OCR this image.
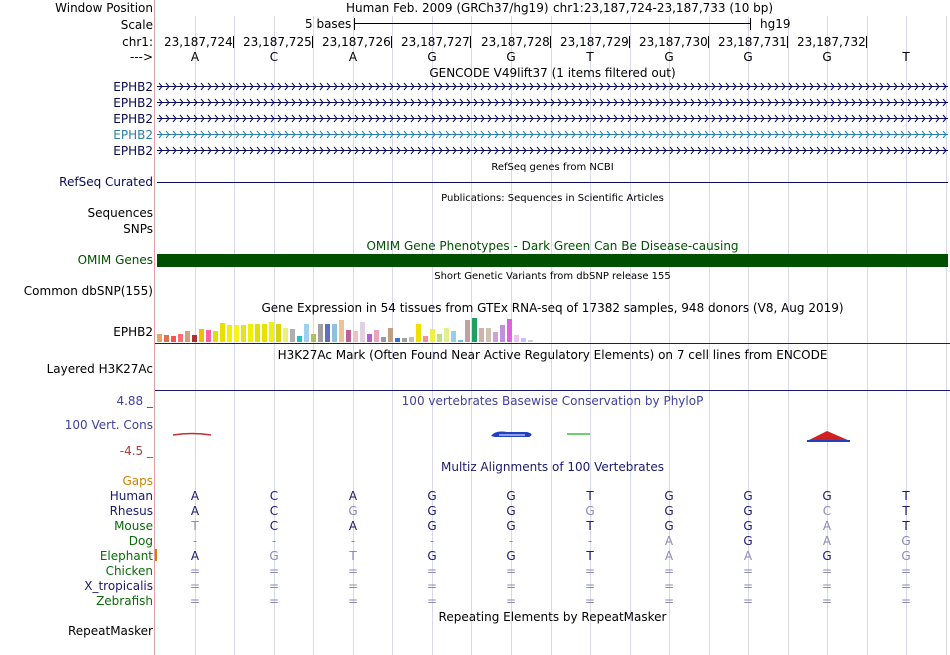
Window Position	Human Feb. 2009 (GRCh37/hg19) chr1:23,187,724-23,187,733 (10 bp)
Scale	5 bases	hg19
chr1: 23,187,724 23,187,725 23,187,726 23,187,727 23,187,728 23,187,729 23,187,730 23,187,731 23,187,732
--->	A	C	A	G	G	T	G	G	G	T
GENCODE V49lift37 (1 items filtered out)
EPHB2
EPHB2
EPHB2
EPHB2
EPHB2
RefSeq genes from NCBI
RefSeq Curated
Publications: Sequences in Scientific Articles
Sequences
SNPs
OMIM Gene Phenotypes - Dark Green Can Be Disease-causing
OMIM Genes
Short Genetic Variants from dbSNP release 155
Common dbSNP(155)
Gene Expression in 54 tissues from GTEx RNA-seq of 17382 samples, 948 donors (V8, Aug 2019)
EPHB2
H3K27Ac Mark (Often Found Near Active Regulatory Elements) on 7 cell lines from ENCODE
Layered H3K27Ac
100 vertebrates Basewise Conservation by PhyloP
4.88 _
100 Vert. Cons
-4.5 _
Multiz Alignments of 100 Vertebrates
Gaps
Human	A	C	A	G	G	T	G	G	G	T
Rhesus	A	C	G	G	G	G	G	G	C	T
Mouse	T	C	A	G	G	T	G	G	A	T
Dog	-	-	-	-	-	-	A	G	A	G
Elephant	A	G	T	G	G	T	A	A	G	G
Chicken	=	=	=	=	=	=	=	=	=	=
X_tropicalis	=	=	=	=	=	=	=	=	=	=
Zebrafish	=	=	=	=	=	=	=	=	=	=
Repeating Elements by RepeatMasker
RepeatMasker
